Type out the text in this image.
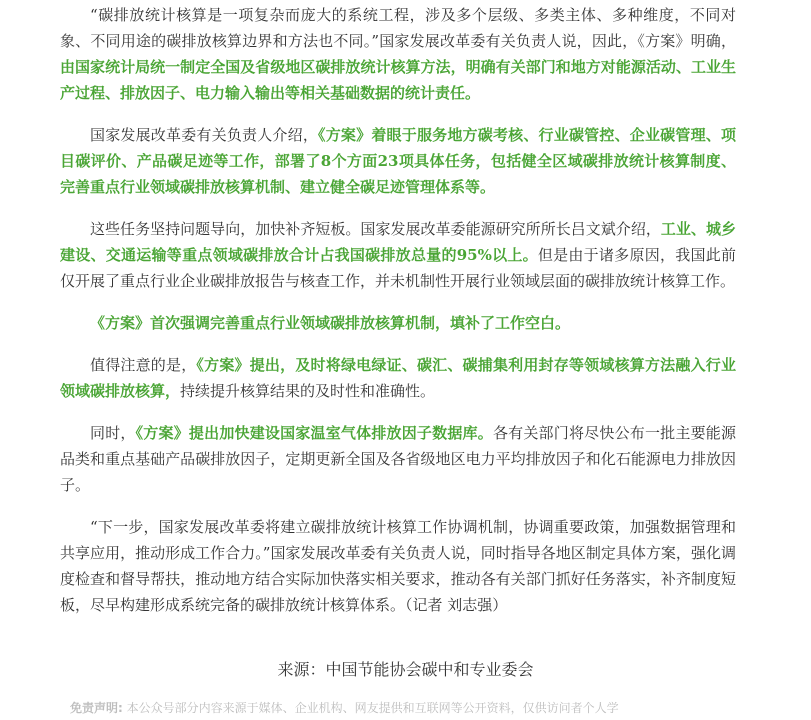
“碳排放统计核算是一项复杂而庞大的系统工程，涉及多个层级、多类主体、多种维度，不同对象、不同用途的碳排放核算边界和方法也不同。”国家发展改革委有关负责人说，因此，《方案》明确，由国家统计局统一制定全国及省级地区碳排放统计核算方法，明确有关部门和地方对能源活动、工业生产过程、排放因子、电力输入输出等相关基础数据的统计责任。

国家发展改革委有关负责人介绍，《方案》着眼于服务地方碳考核、行业碳管控、企业碳管理、项目碳评价、产品碳足迹等工作，部署了8个方面23项具体任务，包括健全区域碳排放统计核算制度、完善重点行业领域碳排放核算机制、建立健全碳足迹管理体系等。

这些任务坚持问题导向，加快补齐短板。国家发展改革委能源研究所所长吕文斌介绍，工业、城乡建设、交通运输等重点领域碳排放合计占我国碳排放总量的95%以上。但是由于诸多原因，我国此前仅开展了重点行业企业碳排放报告与核查工作，并未机制性开展行业领域层面的碳排放统计核算工作。

《方案》首次强调完善重点行业领域碳排放核算机制，填补了工作空白。

值得注意的是，《方案》提出，及时将绿电绿证、碳汇、碳捕集利用封存等领域核算方法融入行业领域碳排放核算，持续提升核算结果的及时性和准确性。

同时，《方案》提出加快建设国家温室气体排放因子数据库。各有关部门将尽快公布一批主要能源品类和重点基础产品碳排放因子，定期更新全国及各省级地区电力平均排放因子和化石能源电力排放因子。

“下一步，国家发展改革委将建立碳排放统计核算工作协调机制，协调重要政策，加强数据管理和共享应用，推动形成工作合力。”国家发展改革委有关负责人说，同时指导各地区制定具体方案，强化调度检查和督导帮扶，推动地方结合实际加快落实相关要求，推动各有关部门抓好任务落实，补齐制度短板，尽早构建形成系统完备的碳排放统计核算体系。（记者 刘志强）

来源：中国节能协会碳中和专业委会
免责声明: 本公众号部分内容来源于媒体、企业机构、网友提供和互联网等公开资料，仅供访问者个人学
